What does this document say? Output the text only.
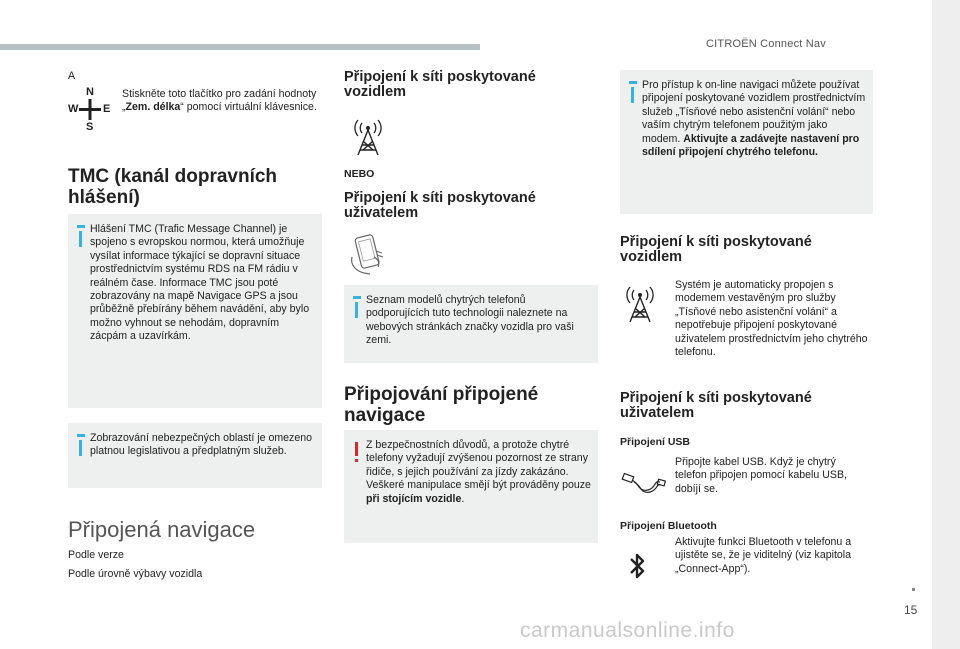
CITROËN Connect Nav
15
carmanualsonline.info
A
N
S
W E
Stiskněte toto tlačítko pro zadání hodnoty „Zem. délka“ pomocí virtuální klávesnice.
TMC (kanál dopravních
hlášení)
Hlášení TMC (Trafic Message Channel) je spojeno s evropskou normou, která umožňuje vysílat informace týkající se dopravní situace prostřednictvím systému RDS na FM rádiu v reálném čase. Informace TMC jsou poté zobrazovány na mapě Navigace GPS a jsou průběžně přebírány během navádění, aby bylo možno vyhnout se nehodám, dopravním zácpám a uzavírkám.
Zobrazování nebezpečných oblastí je omezeno platnou legislativou a předplatným služeb.
Připojená navigace
Podle verze
Podle úrovně výbavy vozidla
Připojení k síti poskytované
vozidlem
NEBO
Připojení k síti poskytované
uživatelem
Seznam modelů chytrých telefonů podporujících tuto technologii naleznete na webových stránkách značky vozidla pro vaši zemi.
Připojování připojené
navigace
Z bezpečnostních důvodů, a protože chytré telefony vyžadují zvýšenou pozornost ze strany řidiče, s jejich používání za jízdy zakázáno. Veškeré manipulace smějí být prováděny pouze při stojícím vozidle.
Pro přístup k on-line navigaci můžete používat připojení poskytované vozidlem prostřednictvím služeb „Tísňové nebo asistenční volání“ nebo vaším chytrým telefonem použitým jako modem. Aktivujte a zadávejte nastavení pro sdílení připojení chytrého telefonu.
Připojení k síti poskytované
vozidlem
Systém je automaticky propojen s modemem vestavěným pro služby „Tísňové nebo asistenční volání“ a nepotřebuje připojení poskytované uživatelem prostřednictvím jeho chytrého telefonu.
Připojení k síti poskytované
uživatelem
Připojení USB
Připojte kabel USB. Když je chytrý telefon připojen pomocí kabelu USB, dobíjí se.
Připojení Bluetooth
Aktivujte funkci Bluetooth v telefonu a ujistěte se, že je viditelný (viz kapitola „Connect-App“).
